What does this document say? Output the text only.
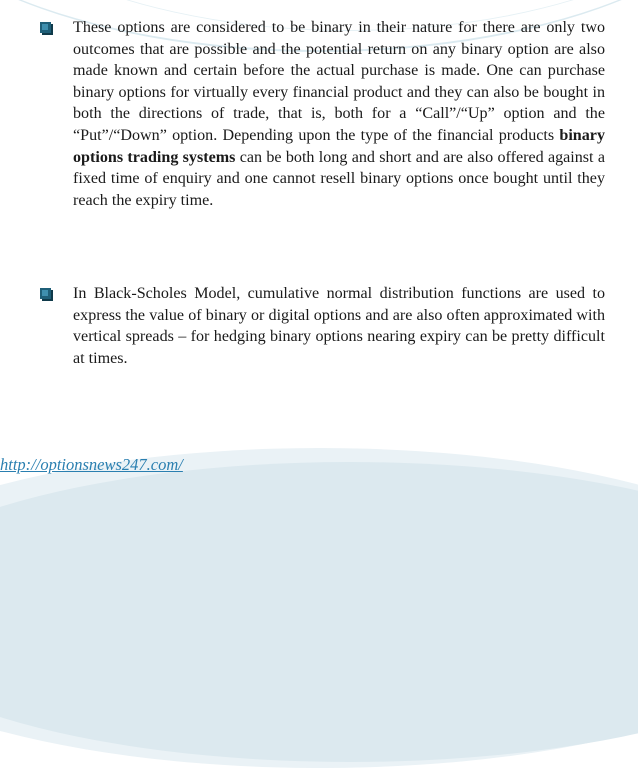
These options are considered to be binary in their nature for there are only two outcomes that are possible and the potential return on any binary option are also made known and certain before the actual purchase is made. One can purchase binary options for virtually every financial product and they can also be bought in both the directions of trade, that is, both for a “Call”/“Up” option and the “Put”/“Down” option. Depending upon the type of the financial products binary options trading systems can be both long and short and are also offered against a fixed time of enquiry and one cannot resell binary options once bought until they reach the expiry time.
In Black-Scholes Model, cumulative normal distribution functions are used to express the value of binary or digital options and are also often approximated with vertical spreads – for hedging binary options nearing expiry can be pretty difficult at times.
http://optionsnews247.com/
